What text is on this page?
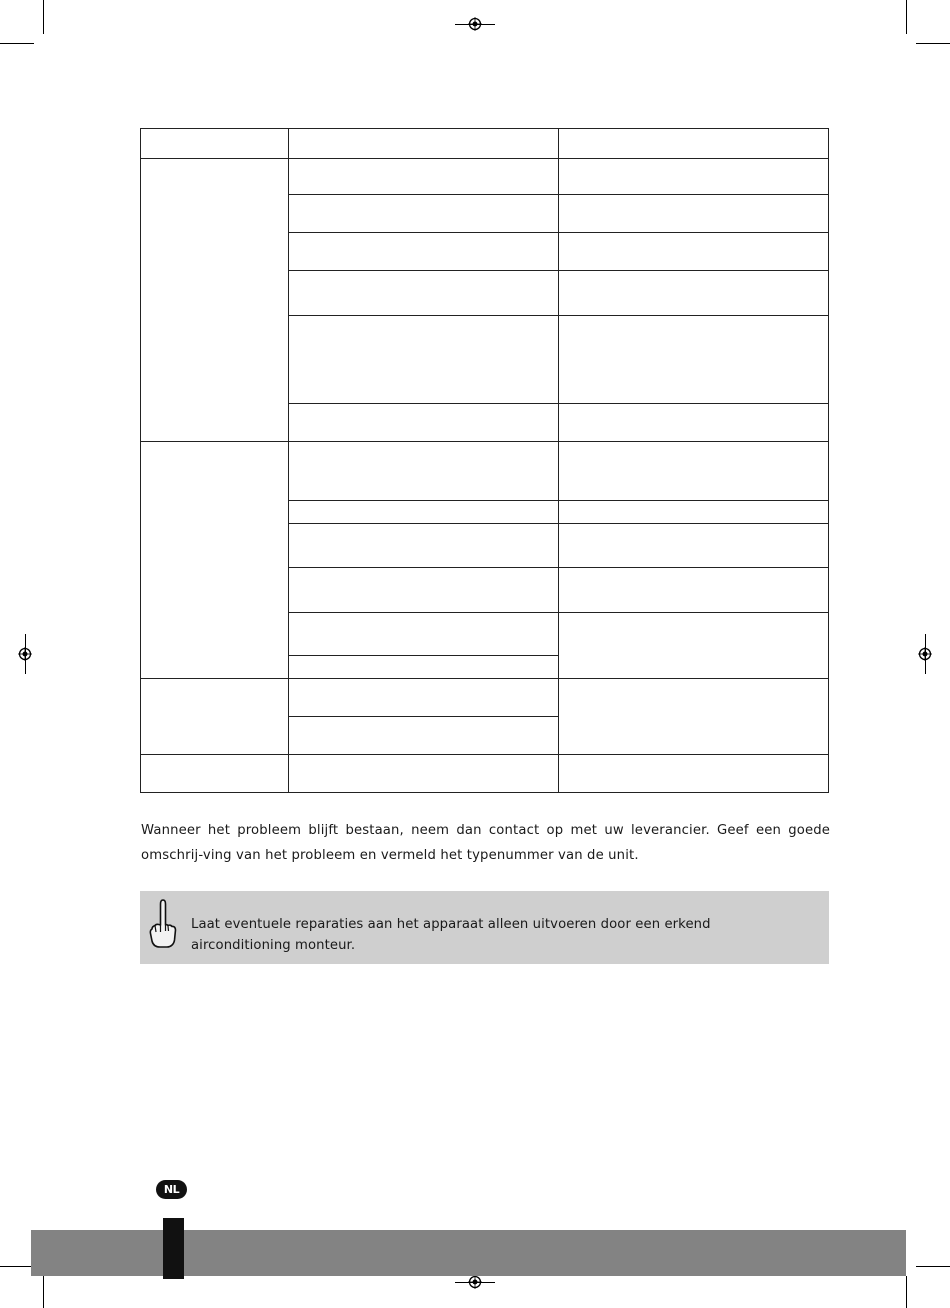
Wanneer het probleem blijft bestaan, neem dan contact op met uw leverancier. Geef een goede omschrij-ving van het probleem en vermeld het typenummer van de unit.
Laat eventuele reparaties aan het apparaat alleen uitvoeren door een erkend airconditioning monteur.
NL
